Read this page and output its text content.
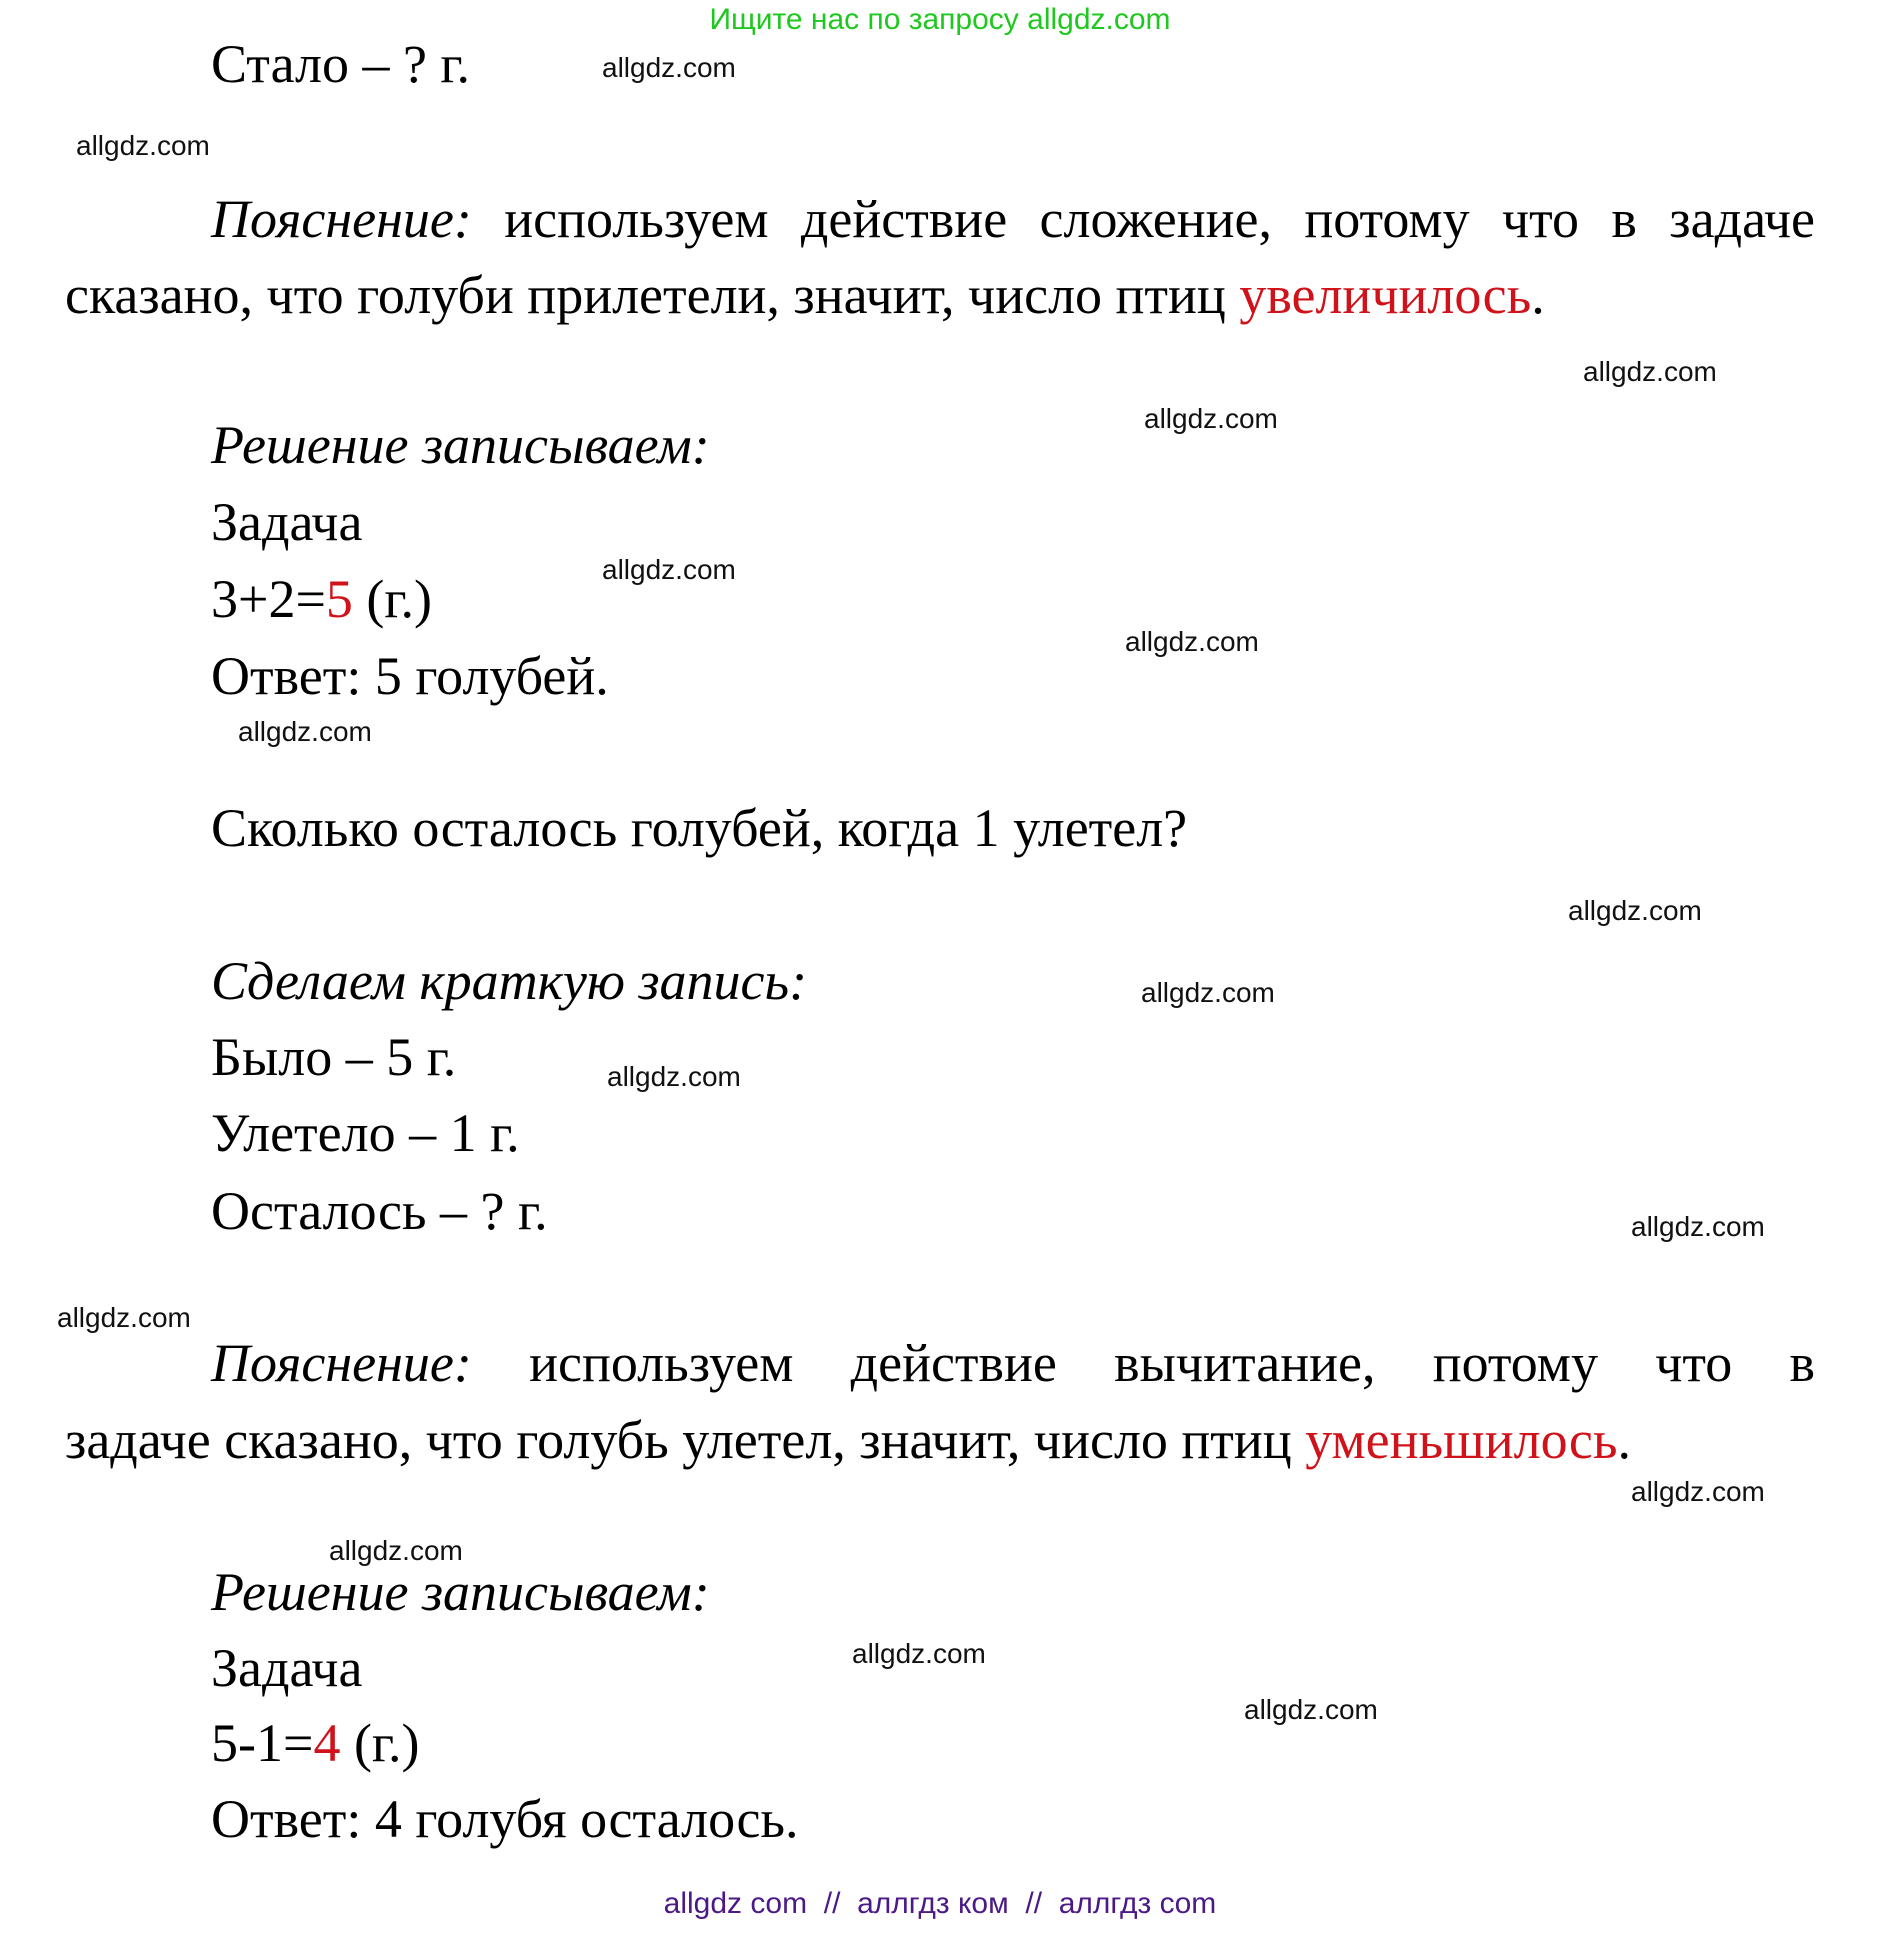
Ищите нас по запросу allgdz.com
Стало – ? г.
Пояснение: используем действие сложение, потому что в задаче
сказано, что голуби прилетели, значит, число птиц увеличилось.
Решение записываем:
Задача
3+2=5 (г.)
Ответ: 5 голубей.
Сколько осталось голубей, когда 1 улетел?
Сделаем краткую запись:
Было – 5 г.
Улетело – 1 г.
Осталось – ? г.
Пояснение: используем действие вычитание, потому что в
задаче сказано, что голубь улетел, значит, число птиц уменьшилось.
Решение записываем:
Задача
5-1=4 (г.)
Ответ: 4 голубя осталось.
allgdz.com
allgdz.com
allgdz.com
allgdz.com
allgdz.com
allgdz.com
allgdz.com
allgdz.com
allgdz.com
allgdz.com
allgdz.com
allgdz.com
allgdz.com
allgdz.com
allgdz.com
allgdz.com
allgdz com  //  аллгдз ком  //  аллгдз com
